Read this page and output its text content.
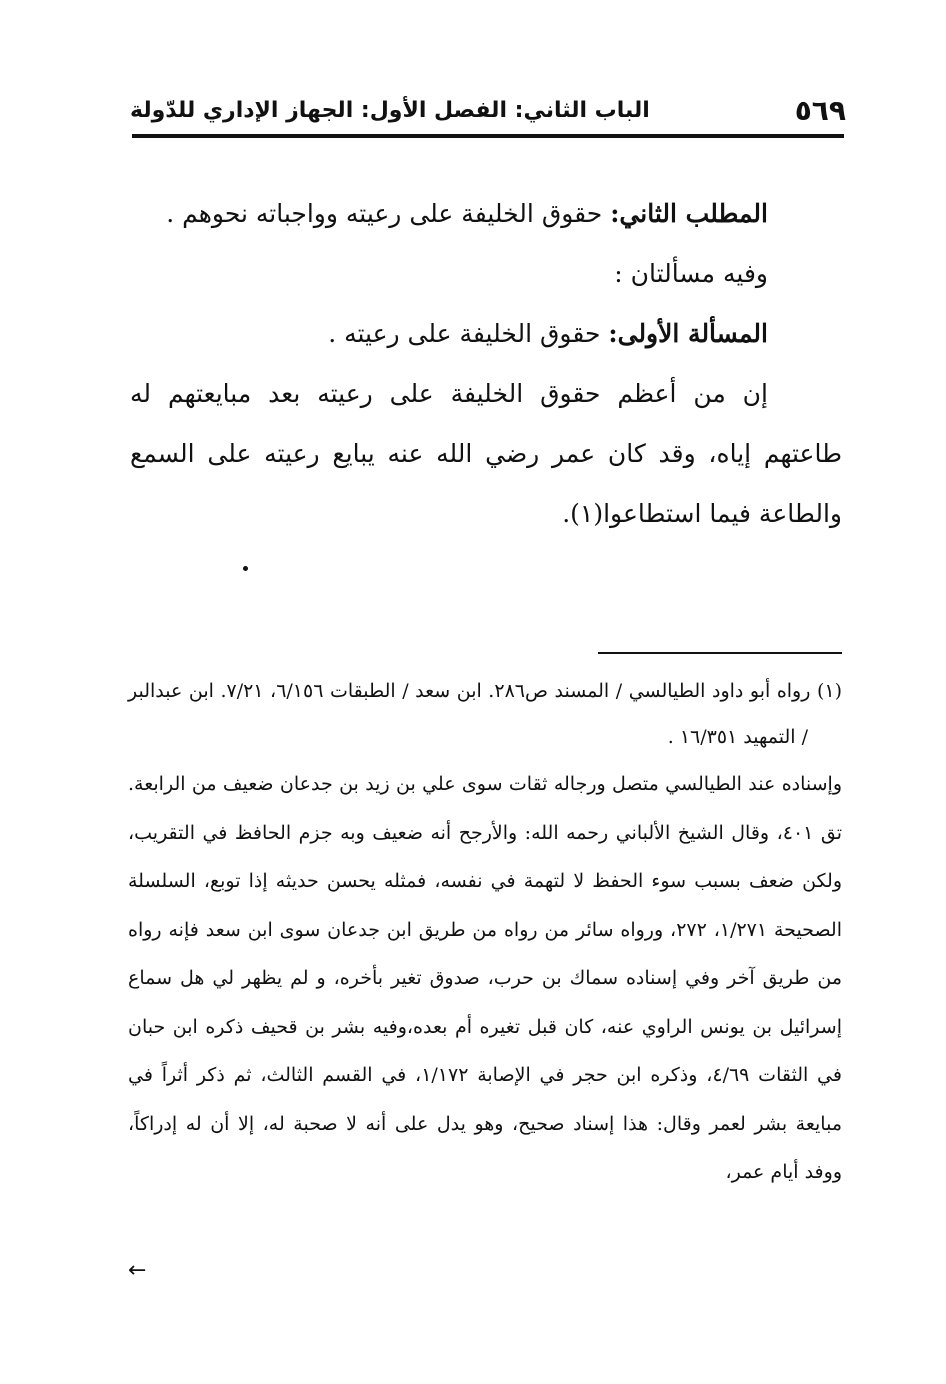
٥٦٩
الباب الثاني: الفصل الأول: الجهاز الإداري للدّولة

المطلب الثاني: حقوق الخليفة على رعيته وواجباته نحوهم .

وفيه مسألتان :

المسألة الأولى: حقوق الخليفة على رعيته .

إن من أعظم حقوق الخليفة على رعيته بعد مبايعتهم له طاعتهم إياه، وقد كان عمر رضي الله عنه يبايع رعيته على السمع والطاعة فيما استطاعوا(١).

(١) رواه أبو داود الطيالسي / المسند ص٢٨٦. ابن سعد / الطبقات ٦/١٥٦، ٧/٢١. ابن عبدالبر / التمهيد ١٦/٣٥١ .

وإسناده عند الطيالسي متصل ورجاله ثقات سوى علي بن زيد بن جدعان ضعيف من الرابعة. تق ٤٠١، وقال الشيخ الألباني رحمه الله: والأرجح أنه ضعيف وبه جزم الحافظ في التقريب، ولكن ضعف بسبب سوء الحفظ لا لتهمة في نفسه، فمثله يحسن حديثه إذا توبع، السلسلة الصحيحة ١/٢٧١، ٢٧٢، ورواه سائر من رواه من طريق ابن جدعان سوى ابن سعد فإنه رواه من طريق آخر وفي إسناده سماك بن حرب، صدوق تغير بأخره، و لم يظهر لي هل سماع إسرائيل بن يونس الراوي عنه، كان قبل تغيره أم بعده،وفيه بشر بن قحيف ذكره ابن حبان في الثقات ٤/٦٩، وذكره ابن حجر في الإصابة ١/١٧٢، في القسم الثالث، ثم ذكر أثراً في مبايعة بشر لعمر وقال: هذا إسناد صحيح، وهو يدل على أنه لا صحبة له، إلا أن له إدراكاً، ووفد أيام عمر،

←
